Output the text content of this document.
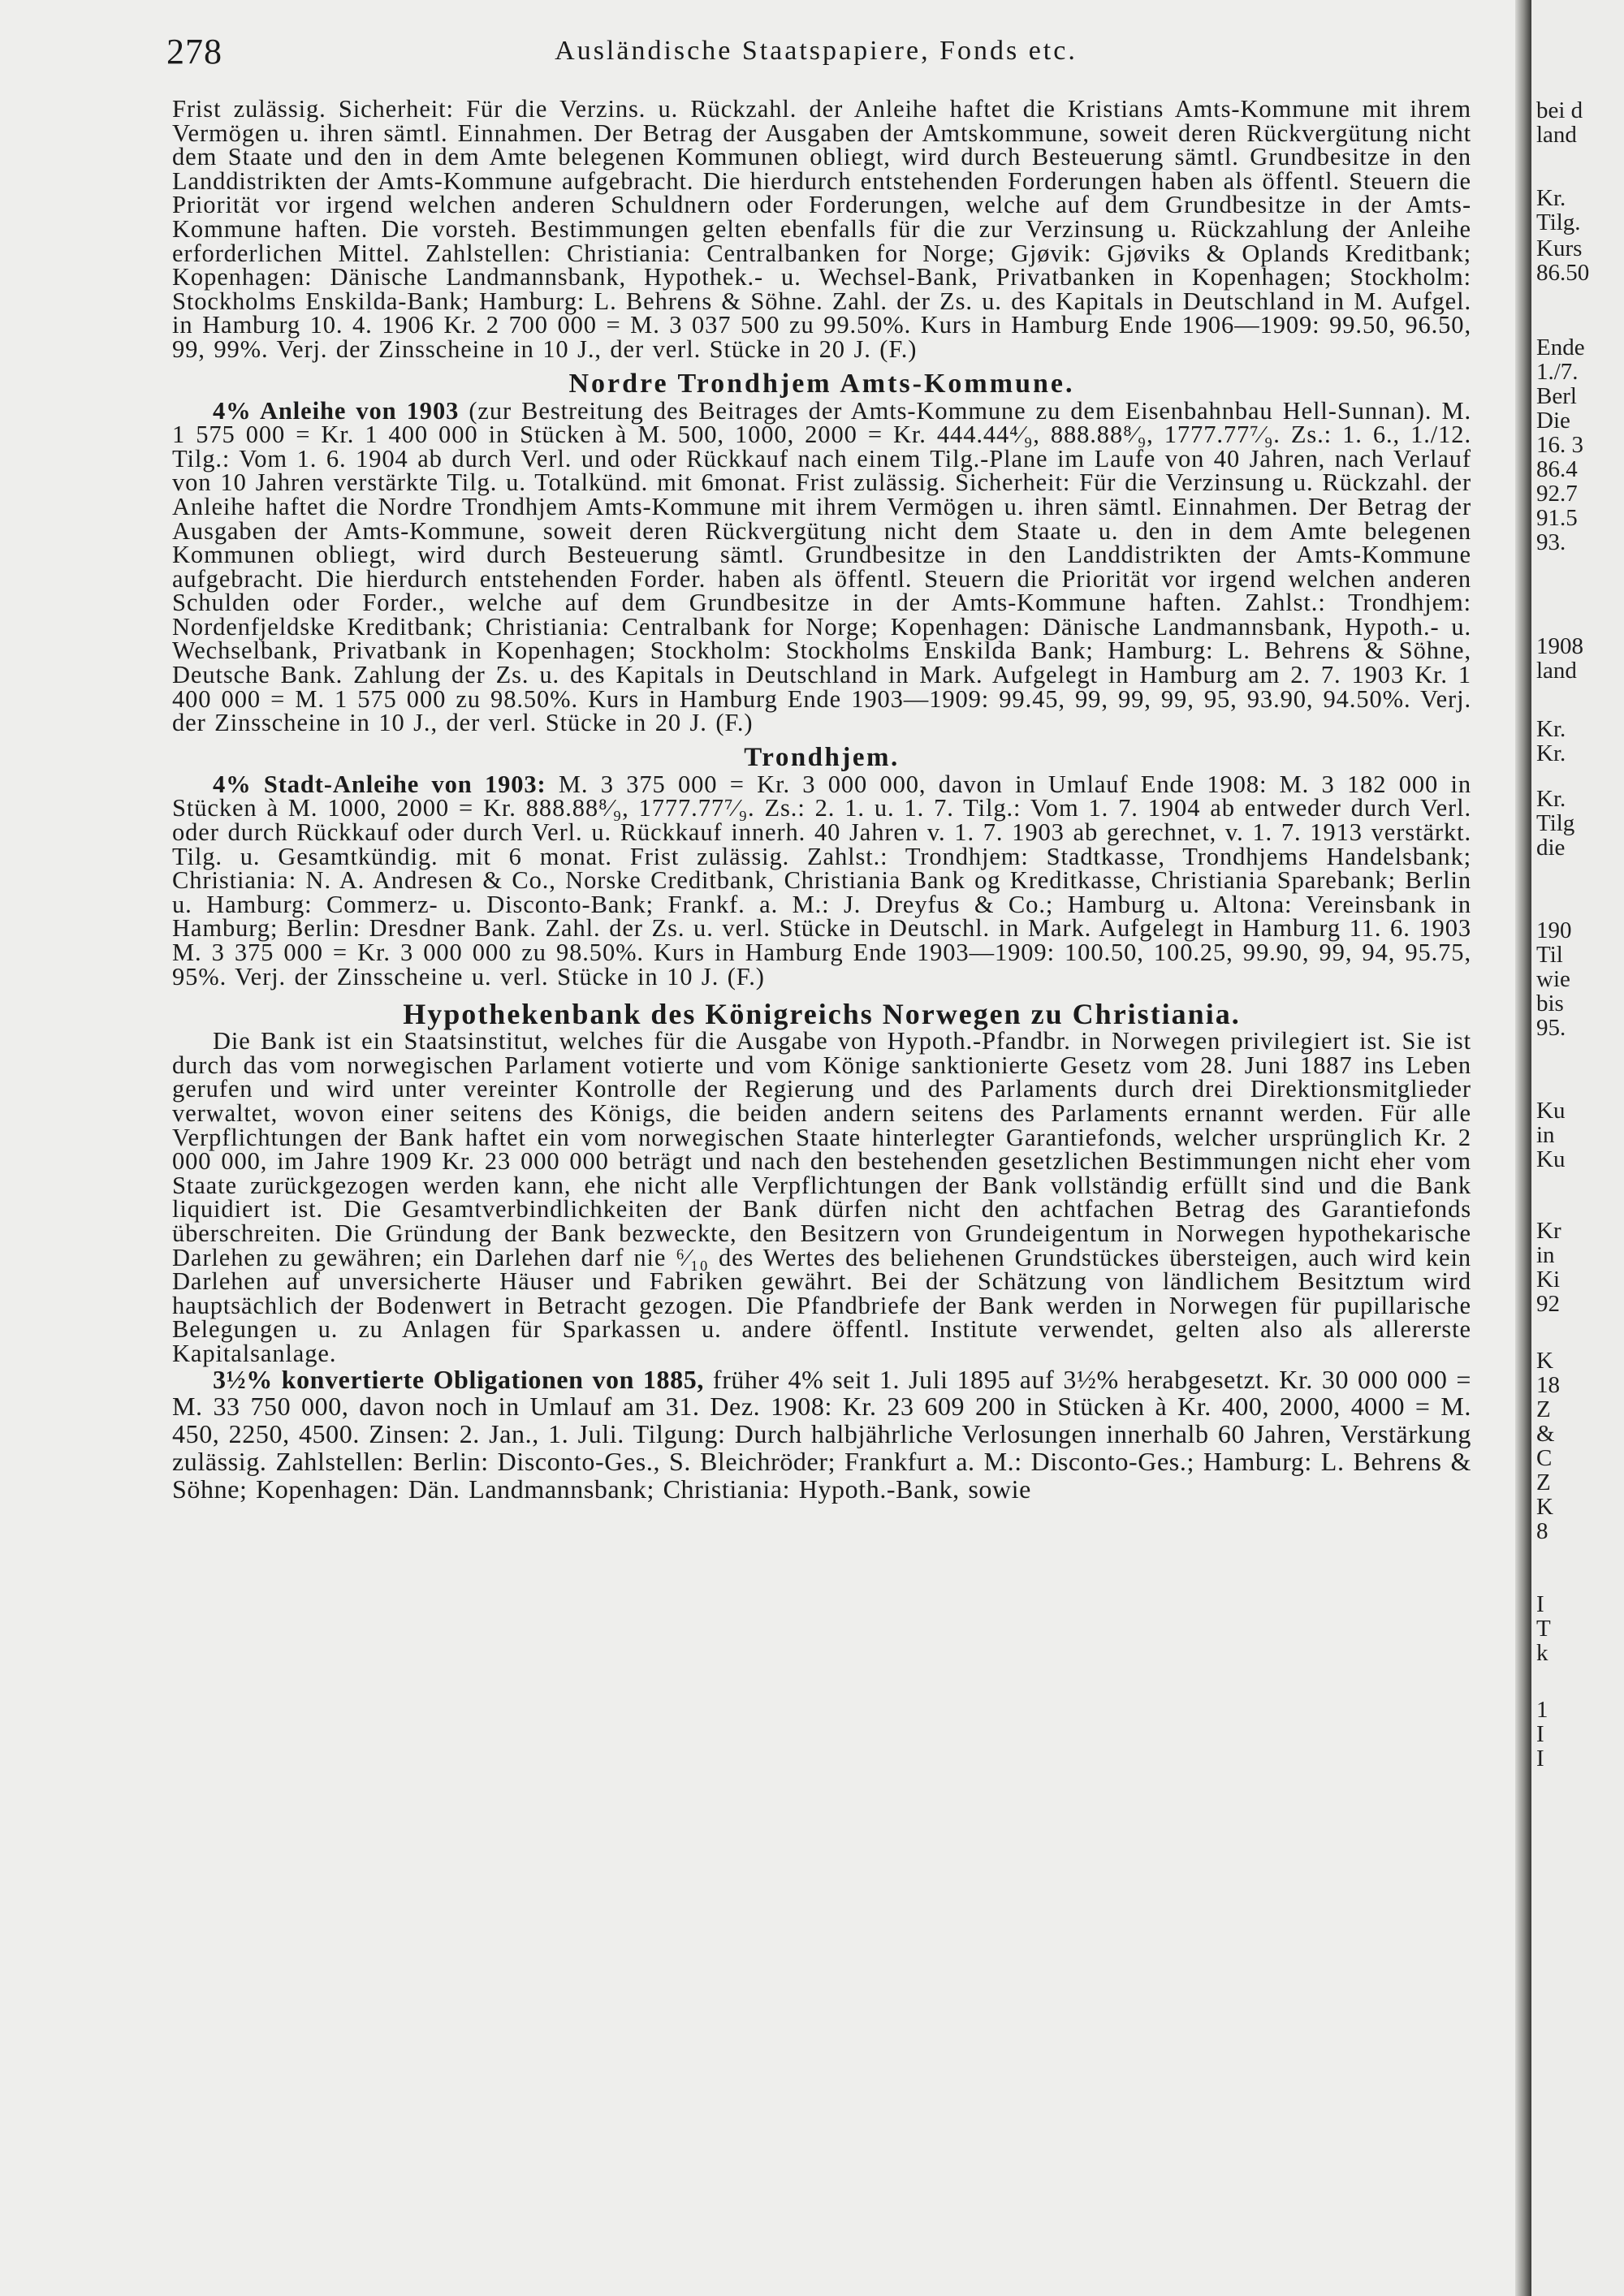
278	Ausländische Staatspapiere, Fonds etc.

Frist zulässig. Sicherheit: Für die Verzins. u. Rückzahl. der Anleihe haftet die Kristians Amts-Kommune mit ihrem Vermögen u. ihren sämtl. Einnahmen. Der Betrag der Ausgaben der Amtskommune, soweit deren Rückvergütung nicht dem Staate und den in dem Amte belegenen Kommunen obliegt, wird durch Besteuerung sämtl. Grundbesitze in den Landdistrikten der Amts-Kommune aufgebracht. Die hierdurch entstehenden Forderungen haben als öffentl. Steuern die Priorität vor irgend welchen anderen Schuldnern oder Forderungen, welche auf dem Grundbesitze in der Amts-Kommune haften. Die vorsteh. Bestimmungen gelten ebenfalls für die zur Verzinsung u. Rückzahlung der Anleihe erforderlichen Mittel. Zahlstellen: Christiania: Centralbanken for Norge; Gjøvik: Gjøviks & Oplands Kreditbank; Kopenhagen: Dänische Landmannsbank, Hypothek.- u. Wechsel-Bank, Privatbanken in Kopenhagen; Stockholm: Stockholms Enskilda-Bank; Hamburg: L. Behrens & Söhne. Zahl. der Zs. u. des Kapitals in Deutschland in M. Aufgel. in Hamburg 10. 4. 1906 Kr. 2 700 000 = M. 3 037 500 zu 99.50%. Kurs in Hamburg Ende 1906—1909: 99.50, 96.50, 99, 99%. Verj. der Zinsscheine in 10 J., der verl. Stücke in 20 J. (F.)

Nordre Trondhjem Amts-Kommune.

4% Anleihe von 1903 (zur Bestreitung des Beitrages der Amts-Kommune zu dem Eisenbahnbau Hell-Sunnan). M. 1 575 000 = Kr. 1 400 000 in Stücken à M. 500, 1000, 2000 = Kr. 444.44⁴⁄₉, 888.88⁸⁄₉, 1777.77⁷⁄₉. Zs.: 1. 6., 1./12. Tilg.: Vom 1. 6. 1904 ab durch Verl. und oder Rückkauf nach einem Tilg.-Plane im Laufe von 40 Jahren, nach Verlauf von 10 Jahren verstärkte Tilg. u. Totalkünd. mit 6monat. Frist zulässig. Sicherheit: Für die Verzinsung u. Rückzahl. der Anleihe haftet die Nordre Trondhjem Amts-Kommune mit ihrem Vermögen u. ihren sämtl. Einnahmen. Der Betrag der Ausgaben der Amts-Kommune, soweit deren Rückvergütung nicht dem Staate u. den in dem Amte belegenen Kommunen obliegt, wird durch Besteuerung sämtl. Grundbesitze in den Landdistrikten der Amts-Kommune aufgebracht. Die hierdurch entstehenden Forder. haben als öffentl. Steuern die Priorität vor irgend welchen anderen Schulden oder Forder., welche auf dem Grundbesitze in der Amts-Kommune haften. Zahlst.: Trondhjem: Nordenfjeldske Kreditbank; Christiania: Centralbank for Norge; Kopenhagen: Dänische Landmannsbank, Hypoth.- u. Wechselbank, Privatbank in Kopenhagen; Stockholm: Stockholms Enskilda Bank; Hamburg: L. Behrens & Söhne, Deutsche Bank. Zahlung der Zs. u. des Kapitals in Deutschland in Mark. Aufgelegt in Hamburg am 2. 7. 1903 Kr. 1 400 000 = M. 1 575 000 zu 98.50%. Kurs in Hamburg Ende 1903—1909: 99.45, 99, 99, 99, 95, 93.90, 94.50%. Verj. der Zinsscheine in 10 J., der verl. Stücke in 20 J. (F.)

Trondhjem.

4% Stadt-Anleihe von 1903: M. 3 375 000 = Kr. 3 000 000, davon in Umlauf Ende 1908: M. 3 182 000 in Stücken à M. 1000, 2000 = Kr. 888.88⁸⁄₉, 1777.77⁷⁄₉. Zs.: 2. 1. u. 1. 7. Tilg.: Vom 1. 7. 1904 ab entweder durch Verl. oder durch Rückkauf oder durch Verl. u. Rückkauf innerh. 40 Jahren v. 1. 7. 1903 ab gerechnet, v. 1. 7. 1913 verstärkt. Tilg. u. Gesamtkündig. mit 6 monat. Frist zulässig. Zahlst.: Trondhjem: Stadtkasse, Trondhjems Handelsbank; Christiania: N. A. Andresen & Co., Norske Creditbank, Christiania Bank og Kreditkasse, Christiania Sparebank; Berlin u. Hamburg: Commerz- u. Disconto-Bank; Frankf. a. M.: J. Dreyfus & Co.; Hamburg u. Altona: Vereinsbank in Hamburg; Berlin: Dresdner Bank. Zahl. der Zs. u. verl. Stücke in Deutschl. in Mark. Aufgelegt in Hamburg 11. 6. 1903 M. 3 375 000 = Kr. 3 000 000 zu 98.50%. Kurs in Hamburg Ende 1903—1909: 100.50, 100.25, 99.90, 99, 94, 95.75, 95%. Verj. der Zinsscheine u. verl. Stücke in 10 J. (F.)

Hypothekenbank des Königreichs Norwegen zu Christiania.

Die Bank ist ein Staatsinstitut, welches für die Ausgabe von Hypoth.-Pfandbr. in Norwegen privilegiert ist. Sie ist durch das vom norwegischen Parlament votierte und vom Könige sanktionierte Gesetz vom 28. Juni 1887 ins Leben gerufen und wird unter vereinter Kontrolle der Regierung und des Parlaments durch drei Direktionsmitglieder verwaltet, wovon einer seitens des Königs, die beiden andern seitens des Parlaments ernannt werden. Für alle Verpflichtungen der Bank haftet ein vom norwegischen Staate hinterlegter Garantiefonds, welcher ursprünglich Kr. 2 000 000, im Jahre 1909 Kr. 23 000 000 beträgt und nach den bestehenden gesetzlichen Bestimmungen nicht eher vom Staate zurückgezogen werden kann, ehe nicht alle Verpflichtungen der Bank vollständig erfüllt sind und die Bank liquidiert ist. Die Gesamtverbindlichkeiten der Bank dürfen nicht den achtfachen Betrag des Garantiefonds überschreiten. Die Gründung der Bank bezweckte, den Besitzern von Grundeigentum in Norwegen hypothekarische Darlehen zu gewähren; ein Darlehen darf nie ⁶⁄₁₀ des Wertes des beliehenen Grundstückes übersteigen, auch wird kein Darlehen auf unversicherte Häuser und Fabriken gewährt. Bei der Schätzung von ländlichem Besitztum wird hauptsächlich der Bodenwert in Betracht gezogen. Die Pfandbriefe der Bank werden in Norwegen für pupillarische Belegungen u. zu Anlagen für Sparkassen u. andere öffentl. Institute verwendet, gelten also als allererste Kapitalsanlage.

3½% konvertierte Obligationen von 1885, früher 4% seit 1. Juli 1895 auf 3½% herabgesetzt. Kr. 30 000 000 = M. 33 750 000, davon noch in Umlauf am 31. Dez. 1908: Kr. 23 609 200 in Stücken à Kr. 400, 2000, 4000 = M. 450, 2250, 4500. Zinsen: 2. Jan., 1. Juli. Tilgung: Durch halbjährliche Verlosungen innerhalb 60 Jahren, Verstärkung zulässig. Zahlstellen: Berlin: Disconto-Ges., S. Bleichröder; Frankfurt a. M.: Disconto-Ges.; Hamburg: L. Behrens & Söhne; Kopenhagen: Dän. Landmannsbank; Christiania: Hypoth.-Bank, sowie

bei d
land
Kr.
Tilg.
Kurs
86.50
Ende
1./7.
Berl
Die
16. 3
86.4
92.7
91.5
93.
1908
land
Kr.
Kr.
Kr.
Tilg
die
190
Til
wie
bis
95.
Ku
in
Ku
Kr
in
Ki
92
K
18
Z
&
C
Z
K
8
I
T
k
1
I
I
